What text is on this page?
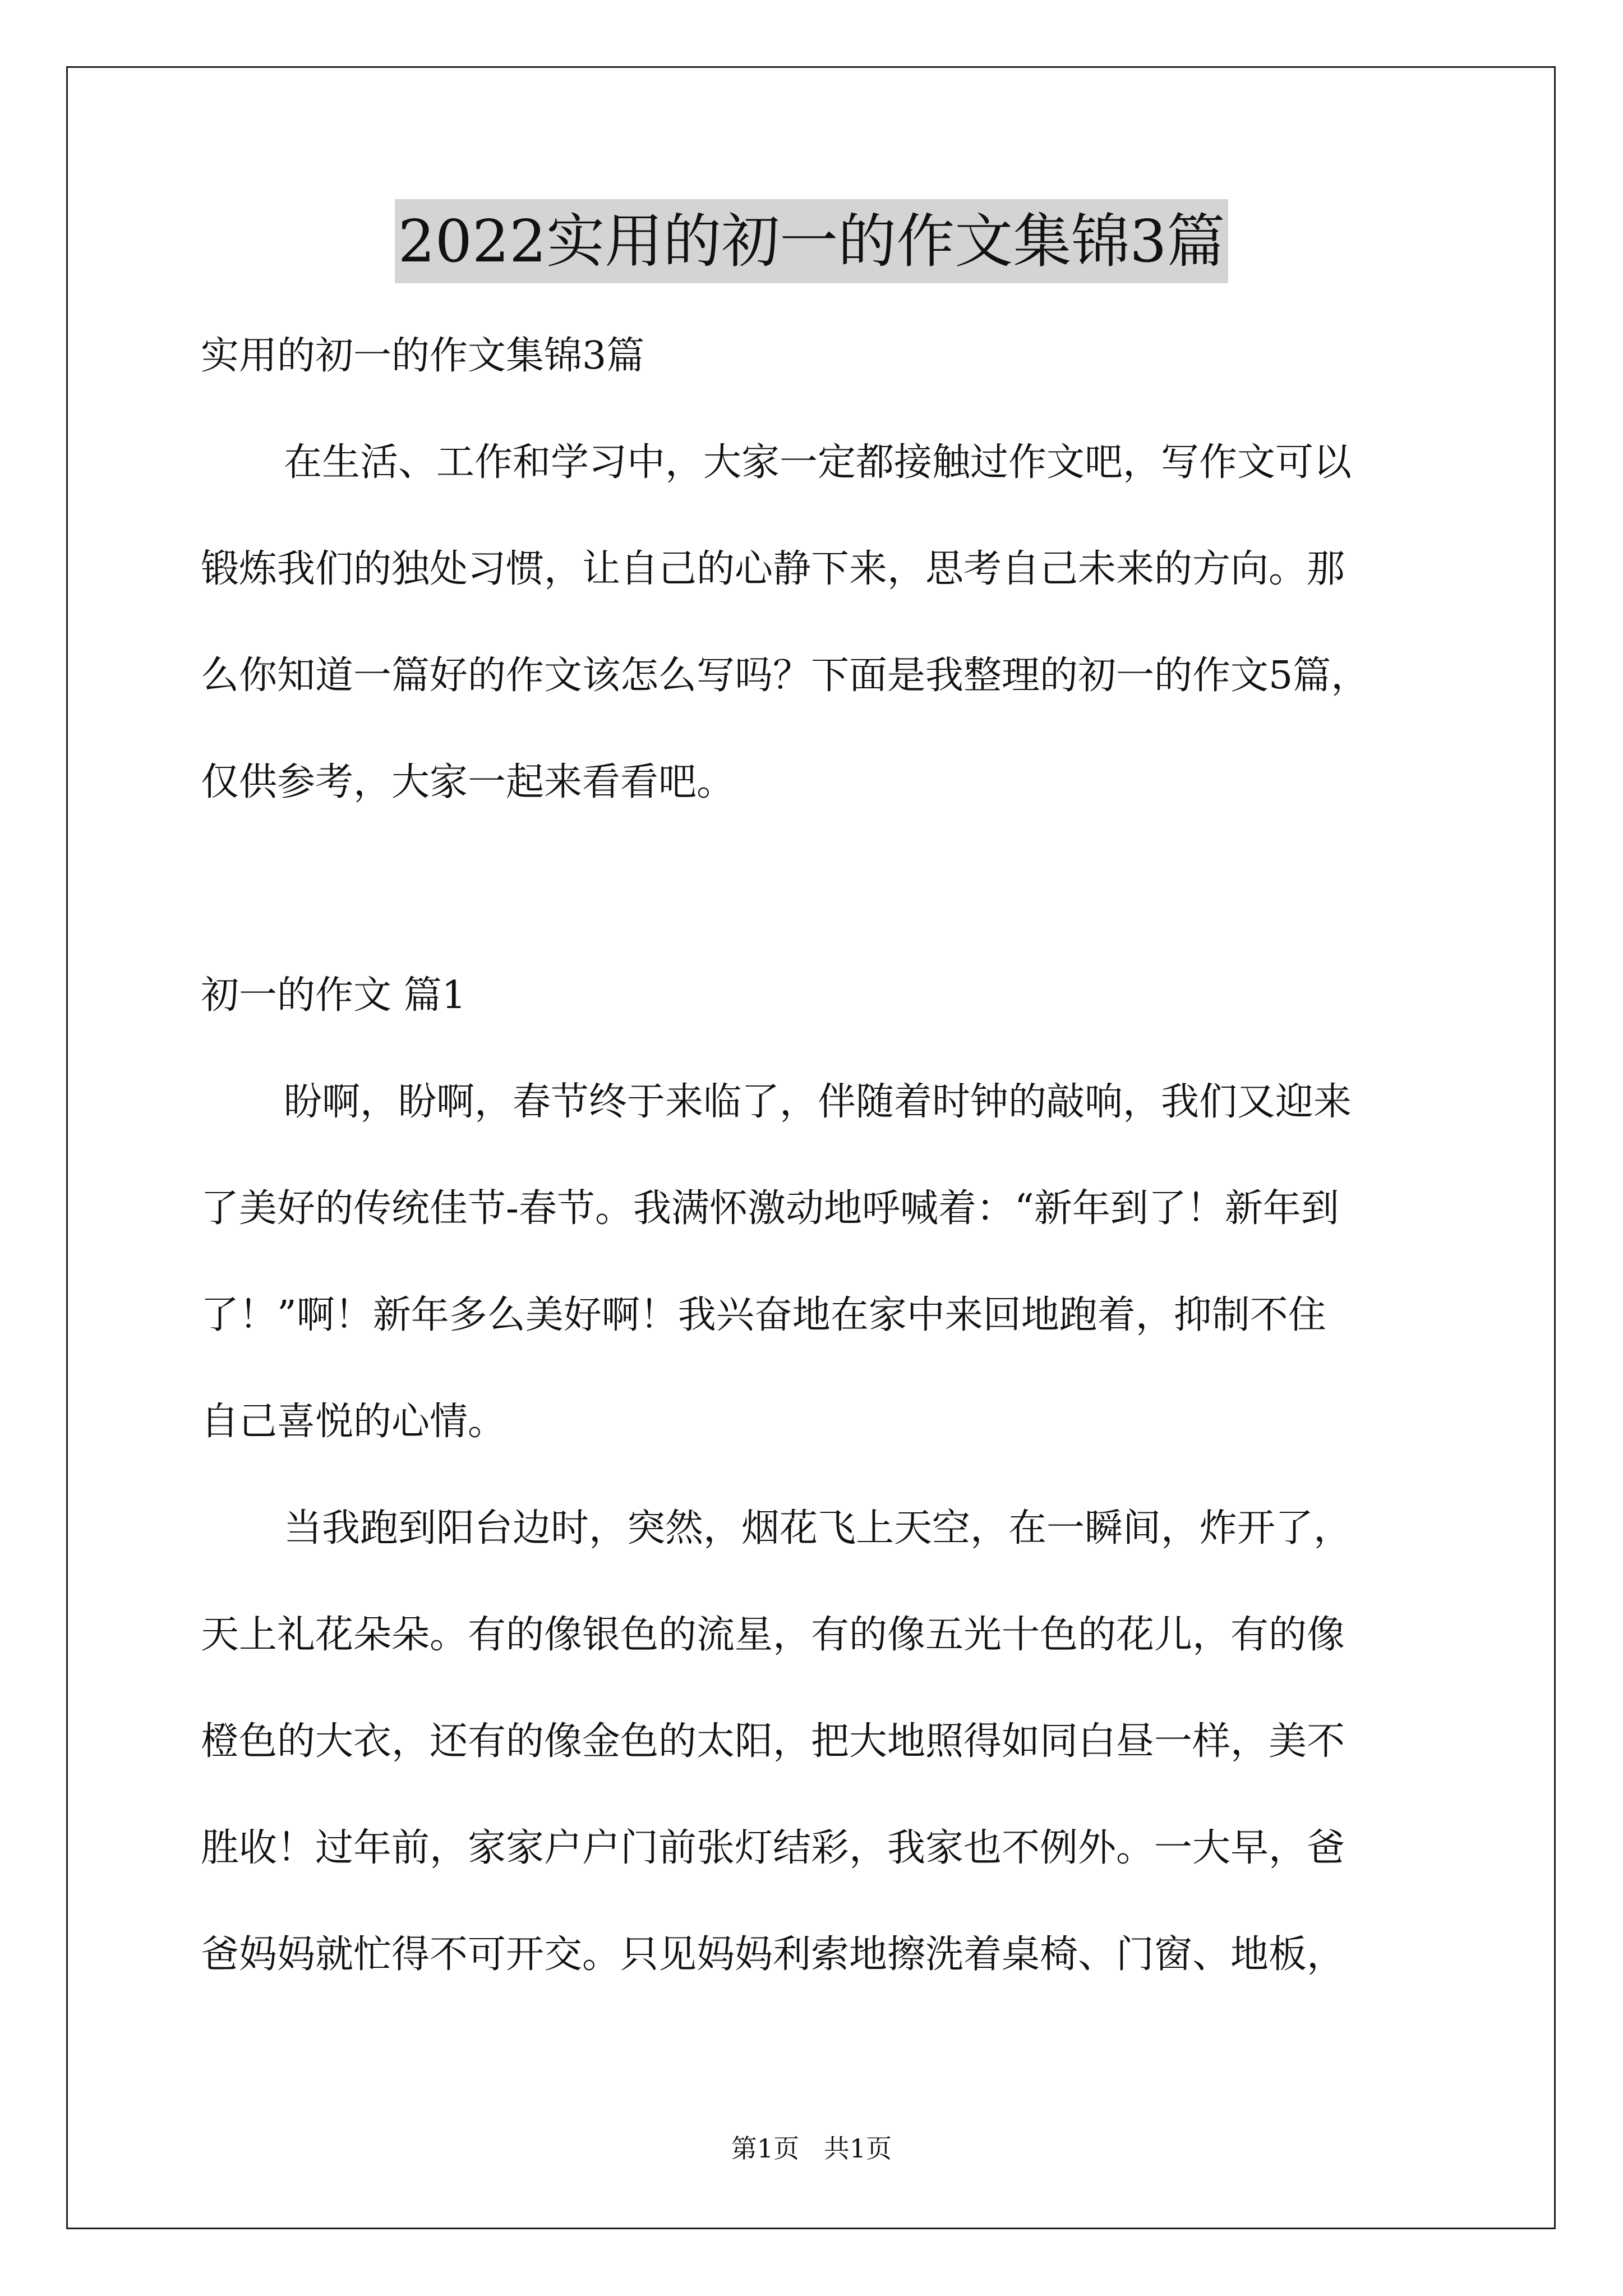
2022实用的初一的作文集锦3篇
实用的初一的作文集锦3篇
在生活、工作和学习中，大家一定都接触过作文吧，写作文可以
锻炼我们的独处习惯，让自己的心静下来，思考自己未来的方向。那
么你知道一篇好的作文该怎么写吗？下面是我整理的初一的作文5篇，
仅供参考，大家一起来看看吧。
初一的作文 篇1
盼啊，盼啊，春节终于来临了，伴随着时钟的敲响，我们又迎来
了美好的传统佳节-春节。我满怀激动地呼喊着：“新年到了！新年到
了！”啊！新年多么美好啊！我兴奋地在家中来回地跑着，抑制不住
自己喜悦的心情。
当我跑到阳台边时，突然，烟花飞上天空，在一瞬间，炸开了，
天上礼花朵朵。有的像银色的流星，有的像五光十色的花儿，有的像
橙色的大衣，还有的像金色的太阳，把大地照得如同白昼一样，美不
胜收！过年前，家家户户门前张灯结彩，我家也不例外。一大早，爸
爸妈妈就忙得不可开交。只见妈妈利索地擦洗着桌椅、门窗、地板，
第1页   共1页
